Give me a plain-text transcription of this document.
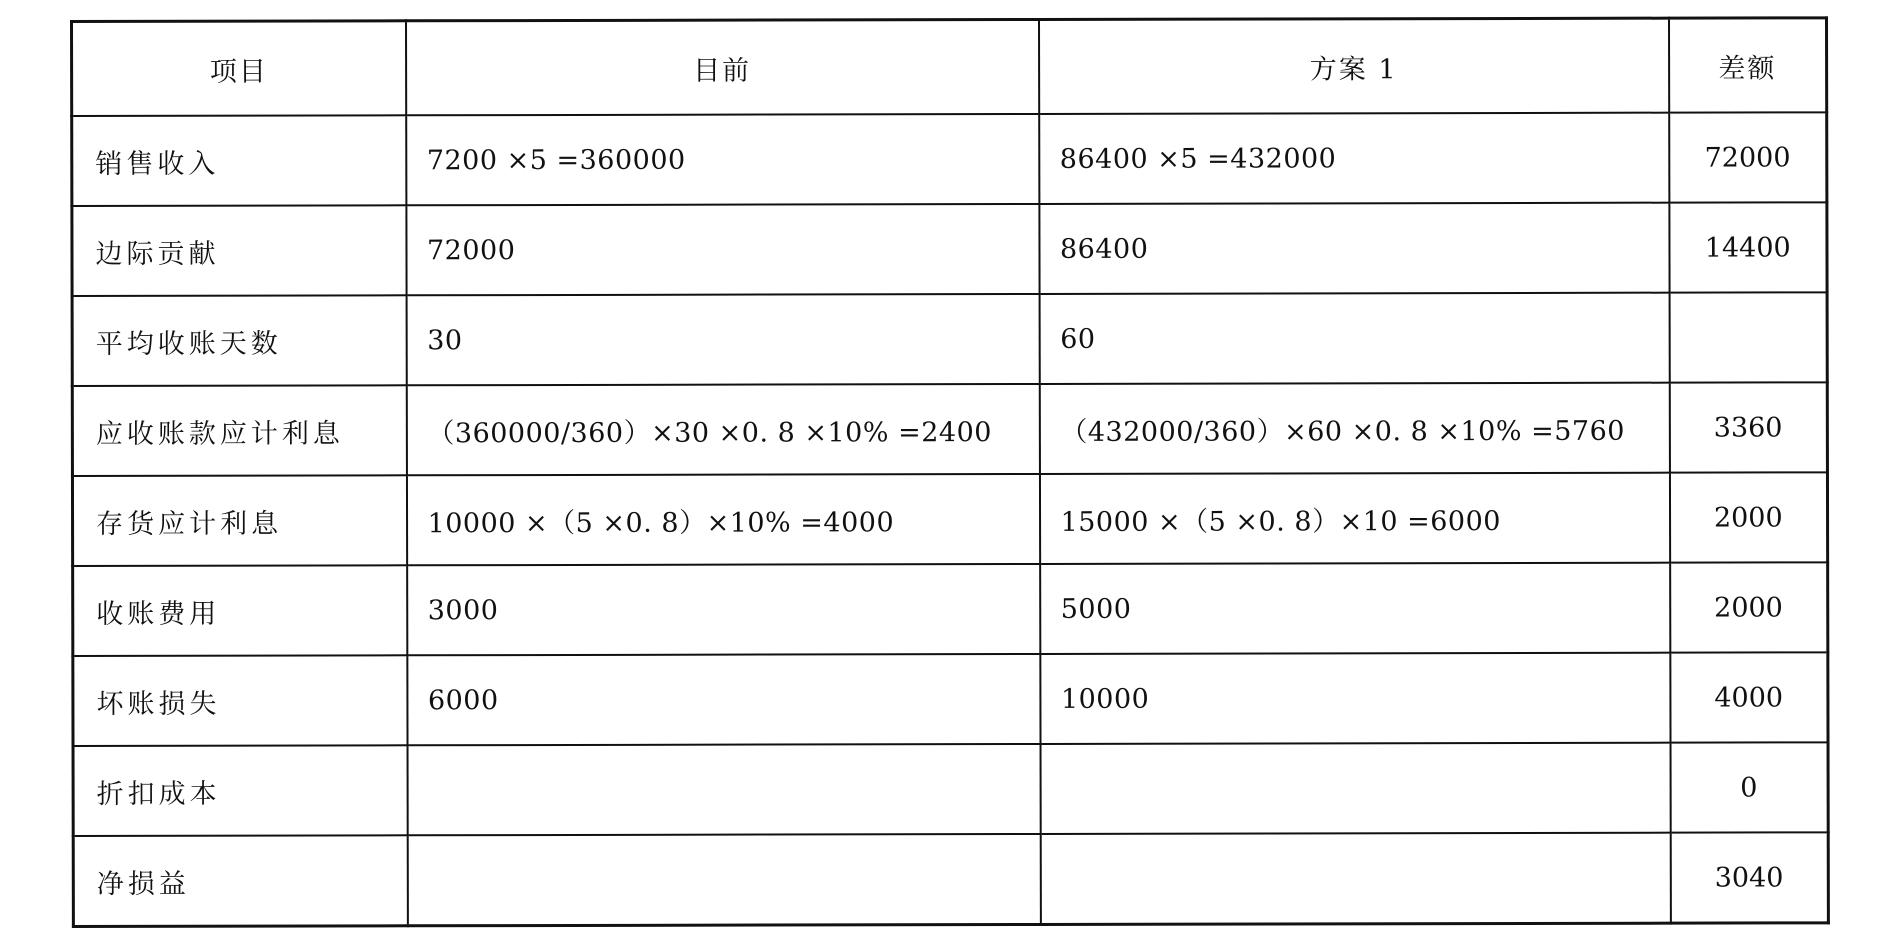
项目	目前	方案 1	差额
销售收入	7200 ×5 =360000	86400 ×5 =432000	72000
边际贡献	72000	86400	14400
平均收账天数	30	60	
应收账款应计利息	（360000/360）×30 ×0. 8 ×10% =2400	（432000/360）×60 ×0. 8 ×10% =5760	3360
存货应计利息	10000 ×（5 ×0. 8）×10% =4000	15000 ×（5 ×0. 8）×10 =6000	2000
收账费用	3000	5000	2000
坏账损失	6000	10000	4000
折扣成本			0
净损益			3040
